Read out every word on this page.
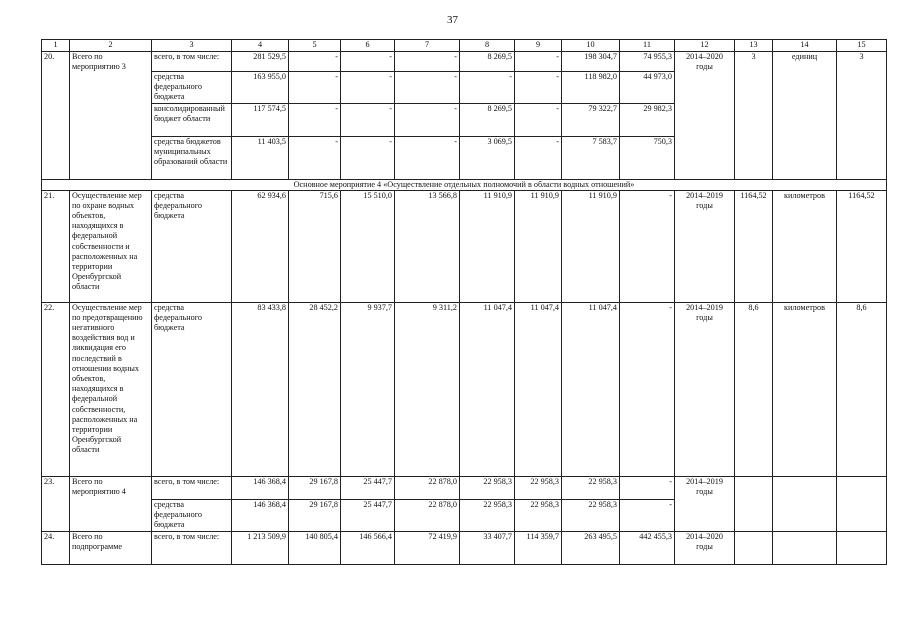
37
1	2	3	4	5	6	7	8	9	10	11	12	13	14	15
20.	Всего по мероприятию 3	всего, в том числе:	281 529,5	-	-	-	8 269,5	-	198 304,7	74 955,3	2014–2020 годы	3	единиц	3
		средства федерального бюджета	163 955,0	-	-	-	-	-	118 982,0	44 973,0				
		консолидированный бюджет области	117 574,5	-	-	-	8 269,5	-	79 322,7	29 982,3				
		средства бюджетов муниципальных образований области	11 403,5	-	-	-	3 069,5	-	7 583,7	750,3				
Основное мероприятие 4 «Осуществление отдельных полномочий в области водных отношений»														
21.	Осуществление мер по охране водных объектов, находящихся в федеральной собственности и расположенных на территории Оренбургской области	средства федерального бюджета	62 934,6	715,6	15 510,0	13 566,8	11 910,9	11 910,9	11 910,9	-	2014–2019 годы	1164,52	километров	1164,52
22.	Осуществление мер по предотвращению негативного воздействия вод и ликвидация его последствий в отношении водных объектов, находящихся в федеральной собственности, расположенных на территории Оренбургской области	средства федерального бюджета	83 433,8	28 452,2	9 937,7	9 311,2	11 047,4	11 047,4	11 047,4	-	2014–2019 годы	8,6	километров	8,6
23.	Всего по мероприятию 4	всего, в том числе:	146 368,4	29 167,8	25 447,7	22 878,0	22 958,3	22 958,3	22 958,3	-	2014–2019 годы			
		средства федерального бюджета	146 368,4	29 167,8	25 447,7	22 878,0	22 958,3	22 958,3	22 958,3	-				
24.	Всего по подпрограмме	всего, в том числе:	1 213 509,9	140 805,4	146 566,4	72 419,9	33 407,7	114 359,7	263 495,5	442 455,3	2014–2020 годы			
